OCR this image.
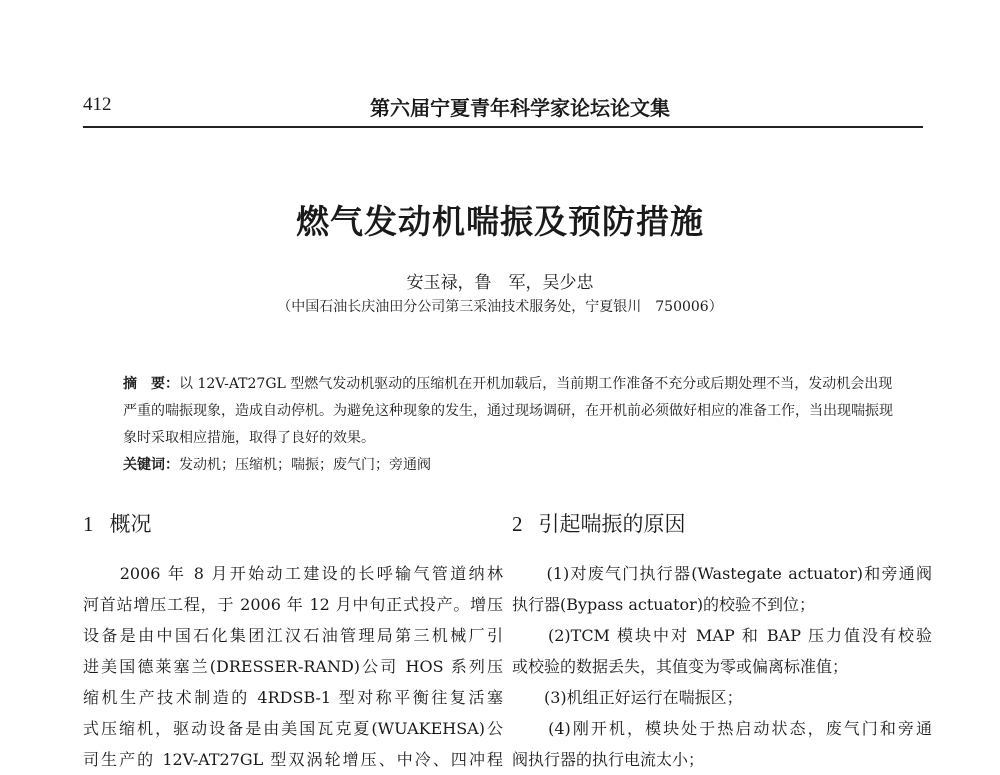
412	第六届宁夏青年科学家论坛论文集
燃气发动机喘振及预防措施
安玉禄，鲁　军，吴少忠
（中国石油长庆油田分公司第三采油技术服务处，宁夏银川　750006）
摘　要：以 12V-AT27GL 型燃气发动机驱动的压缩机在开机加载后，当前期工作准备不充分或后期处理不当，发动机会出现严重的喘振现象，造成自动停机。为避免这种现象的发生，通过现场调研，在开机前必须做好相应的准备工作，当出现喘振现象时采取相应措施，取得了良好的效果。
关键词：发动机；压缩机；喘振；废气门；旁通阀
1 概况	2 引起喘振的原因
　　2006 年 8 月开始动工建设的长呼输气管道纳林
河首站增压工程，于 2006 年 12 月中旬正式投产。增压
设备是由中国石化集团江汉石油管理局第三机械厂引
进美国德莱塞兰(DRESSER-RAND)公司 HOS 系列压
缩机生产技术制造的 4RDSB-1 型对称平衡往复活塞
式压缩机，驱动设备是由美国瓦克夏(WUAKEHSA)公
司生产的 12V-AT27GL 型双涡轮增压、中冷、四冲程
　　(1)对废气门执行器(Wastegate actuator)和旁通阀
执行器(Bypass actuator)的校验不到位；
　　(2)TCM 模块中对 MAP 和 BAP 压力值没有校验
或校验的数据丢失，其值变为零或偏离标准值；
　　(3)机组正好运行在喘振区；
　　(4)刚开机，模块处于热启动状态，废气门和旁通
阀执行器的执行电流太小；
